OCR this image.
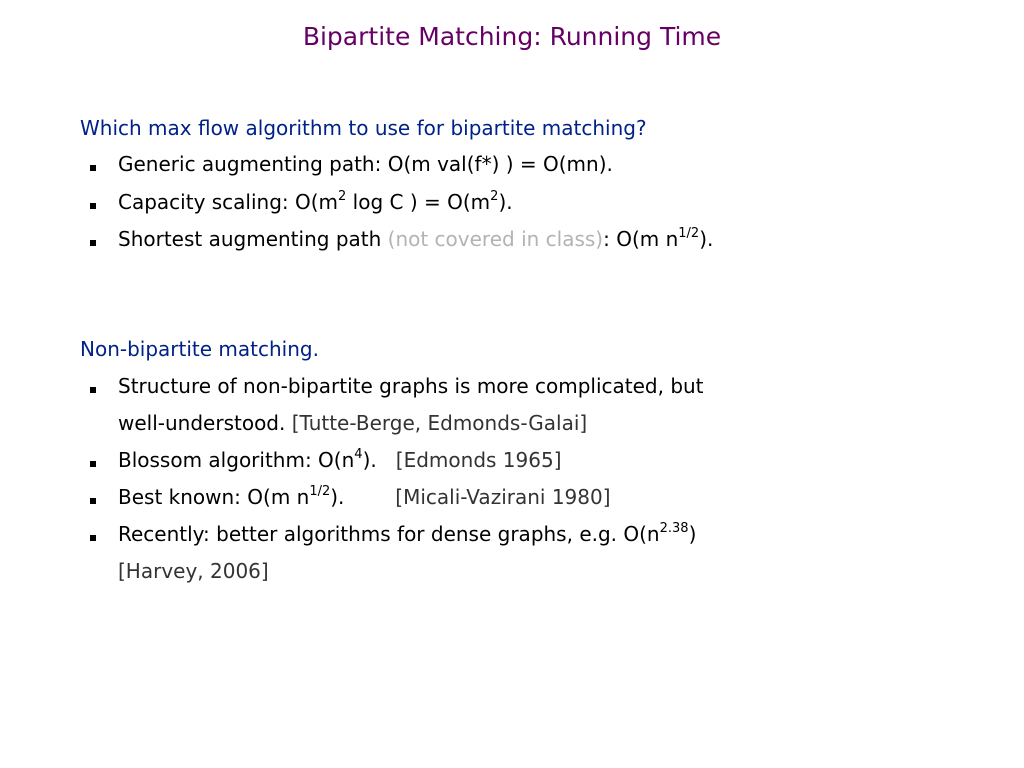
Bipartite Matching: Running Time
Which max flow algorithm to use for bipartite matching?
Generic augmenting path: O(m val(f*) ) = O(mn).
Capacity scaling: $O(m^2$ log C ) = $O(m^2)$.
Shortest augmenting path (not covered in class): O(m $n^{1/2}$).
Non-bipartite matching.
Structure of non-bipartite graphs is more complicated, but
well-understood. [Tutte-Berge, Edmonds-Galai]
Blossom algorithm: $O(n^4)$.   [Edmonds 1965]
Best known: O(m $n^{1/2}$).        [Micali-Vazirani 1980]
Recently: better algorithms for dense graphs, e.g. $O(n^{2.38})$
[Harvey, 2006]
